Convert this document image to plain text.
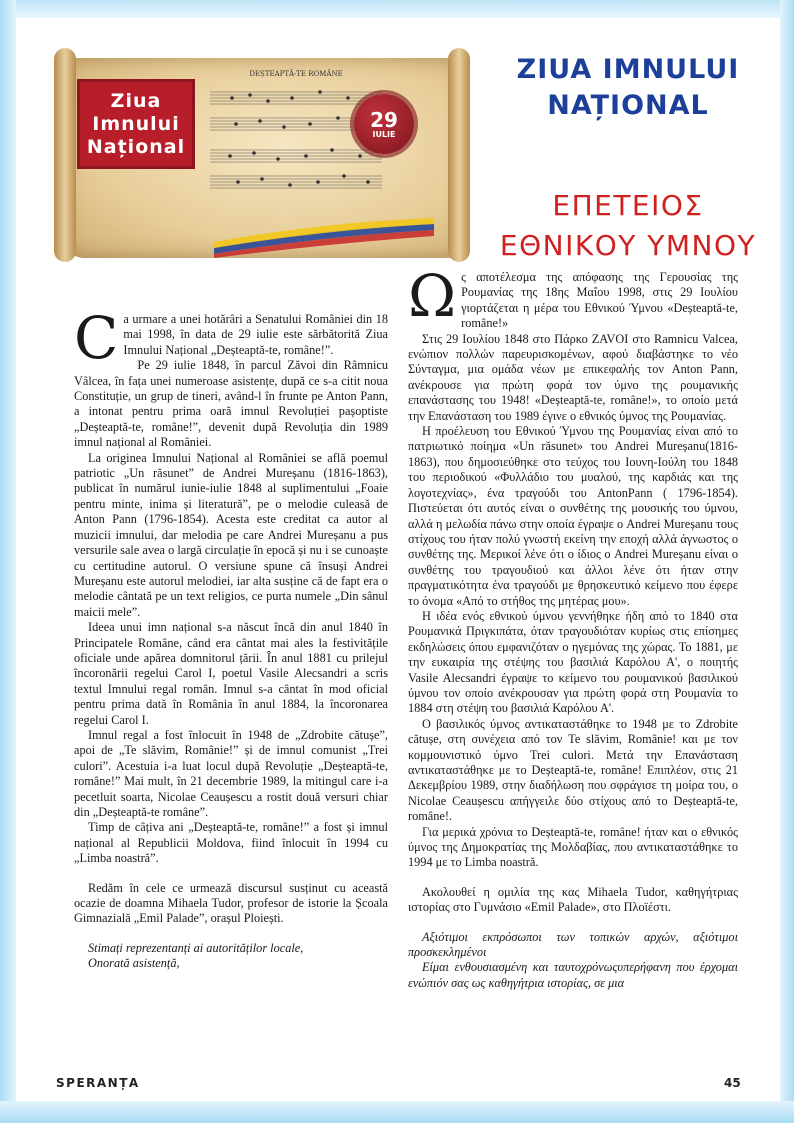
Ziua
Imnului
Național
DEȘTEAPTĂ-TE ROMÂNE
29
IULIE
ZIUA IMNULUI
NAȚIONAL
ΕΠΕΤΕΙΟΣ
ΕΘΝΙΚΟΥ ΥΜΝΟΥ

Ca urmare a unei hotărâri a Senatului României din 18 mai 1998, în data de 29 iulie este sărbătorită Ziua Imnului Național „Deșteaptă-te, române!”.

Pe 29 iulie 1848, în parcul Zăvoi din Râmnicu Vâlcea, în fața unei numeroase asistențe, după ce s-a citit noua Constituție, un grup de tineri, având-l în frunte pe Anton Pann, a intonat pentru prima oară imnul Revoluției pașoptiste „Deșteaptă-te, române!”, devenit după Revoluția din 1989 imnul național al României.

La originea Imnului Național al României se află poemul patriotic „Un răsunet” de Andrei Mureșanu (1816-1863), publicat în numărul iunie-iulie 1848 al suplimentului „Foaie pentru minte, inima și literatură”, pe o melodie culeasă de Anton Pann (1796-1854). Acesta este creditat ca autor al muzicii imnului, dar melodia pe care Andrei Mureșanu a pus versurile sale avea o largă circulație în epocă și nu i se cunoaște cu certitudine autorul. O versiune spune că însuși Andrei Mureșanu este autorul melodiei, iar alta susține că de fapt era o melodie cântată pe un text religios, ce purta numele „Din sânul maicii mele”.

Ideea unui imn național s-a născut încă din anul 1840 în Principatele Române, când era cântat mai ales la festivitățile oficiale unde apărea domnitorul țării. În anul 1881 cu prilejul încoronării regelui Carol I, poetul Vasile Alecsandri a scris textul Imnului regal român. Imnul s-a cântat în mod oficial pentru prima dată în România în anul 1884, la încoronarea regelui Carol I.

Imnul regal a fost înlocuit în 1948 de „Zdrobite cătușe”, apoi de „Te slăvim, Românie!” și de imnul comunist „Trei culori”. Acestuia i-a luat locul după Revoluție „Deșteaptă-te, române!” Mai mult, în 21 decembrie 1989, la mitingul care i-a pecetluit soarta, Nicolae Ceaușescu a rostit două versuri chiar din „Deșteaptă-te române”.

Timp de câțiva ani „Deșteaptă-te, române!” a fost și imnul național al Republicii Moldova, fiind înlocuit în 1994 cu „Limba noastră”.

Redăm în cele ce urmează discursul susținut cu această ocazie de doamna Mihaela Tudor, profesor de istorie la Școala Gimnazială „Emil Palade”, orașul Ploiești.

Stimați reprezentanți ai autorităților locale,

Onorată asistență,

Ως αποτέλεσμα της απόφασης της Γερουσίας της Ρουμανίας της 18ης Μαΐου 1998, στις 29 Ιουλίου γιορτάζεται η μέρα του Εθνικού Ύμνου «Deșteaptă-te, române!»

Στις 29 Ιουλίου 1848 στο Πάρκο ZAVOI στο Ramnicu Valcea, ενώπιον πολλών παρευρισκομένων, αφού διαβάστηκε το νέο Σύνταγμα, μια ομάδα νέων με επικεφαλής τον Anton Pann, ανέκρουσε για πρώτη φορά τον ύμνο της ρουμανικής επανάστασης του 1948! «Deșteaptă-te, române!», το οποίο μετά την Επανάσταση του 1989 έγινε ο εθνικός ύμνος της Ρουμανίας.

Η προέλευση του Εθνικού Ύμνου της Ρουμανίας είναι από το πατριωτικό ποίημα «Un răsunet» του Andrei Mureșanu(1816-1863), που δημοσιεύθηκε στο τεύχος του Ιουνη-Ιούλη του 1848 του περιοδικού «Φυλλάδιο του μυαλού, της καρδιάς και της λογοτεχνίας», ένα τραγούδι του AntonPann ( 1796-1854). Πιστεύεται ότι αυτός είναι ο συνθέτης της μουσικής του ύμνου, αλλά η μελωδία πάνω στην οποία έγραψε ο Andrei Mureșanu τους στίχους του ήταν πολύ γνωστή εκείνη την εποχή αλλά άγνωστος ο συνθέτης της. Μερικοί λένε ότι ο ίδιος ο Andrei Mureșanu είναι ο συνθέτης του τραγουδιού και άλλοι λένε ότι ήταν στην πραγματικότητα ένα τραγούδι με θρησκευτικό κείμενο που έφερε το όνομα «Από το στήθος της μητέρας μου».

Η ιδέα ενός εθνικού ύμνου γεννήθηκε ήδη από το 1840 στα Ρουμανικά Πριγκιπάτα, όταν τραγουδιόταν κυρίως στις επίσημες εκδηλώσεις όπου εμφανιζόταν ο ηγεμόνας της χώρας. Το 1881, με την ευκαιρία της στέψης του βασιλιά Καρόλου Α', ο ποιητής Vasile Alecsandri έγραψε το κείμενο του ρουμανικού βασιλικού ύμνου τον οποίο ανέκρουσαν για πρώτη φορά στη Ρουμανία το 1884 στη στέψη του βασιλιά Καρόλου Α'.

Ο βασιλικός ύμνος αντικαταστάθηκε το 1948 με το Zdrobite cătușe, στη συνέχεια από τον Te slăvim, Românie! και με τον κομμουνιστικό ύμνο Trei culori. Μετά την Επανάσταση αντικαταστάθηκε με το Deșteaptă-te, române! Επιπλέον, στις 21 Δεκεμβρίου 1989, στην διαδήλωση που σφράγισε τη μοίρα του, ο Nicolae Ceaușescu απήγγειλε δύο στίχους από το Deșteaptă-te, române!.

Για μερικά χρόνια το Deșteaptă-te, române! ήταν και ο εθνικός ύμνος της Δημοκρατίας της Μολδαβίας, που αντικαταστάθηκε το 1994 με το Limba noastră.

Ακολουθεί η ομιλία της κας Mihaela Tudor, καθηγήτριας ιστορίας στο Γυμνάσιο «Emil Palade», στο Πλοϊέστι.

Αξιότιμοι εκπρόσωποι των τοπικών αρχών, αξιότιμοι προσκεκλημένοι

Είμαι ενθουσιασμένη και ταυτοχρόνωςυπερήφανη που έρχομαι ενώπιόν σας ως καθηγήτρια ιστορίας, σε μια

SPERANȚA	45
